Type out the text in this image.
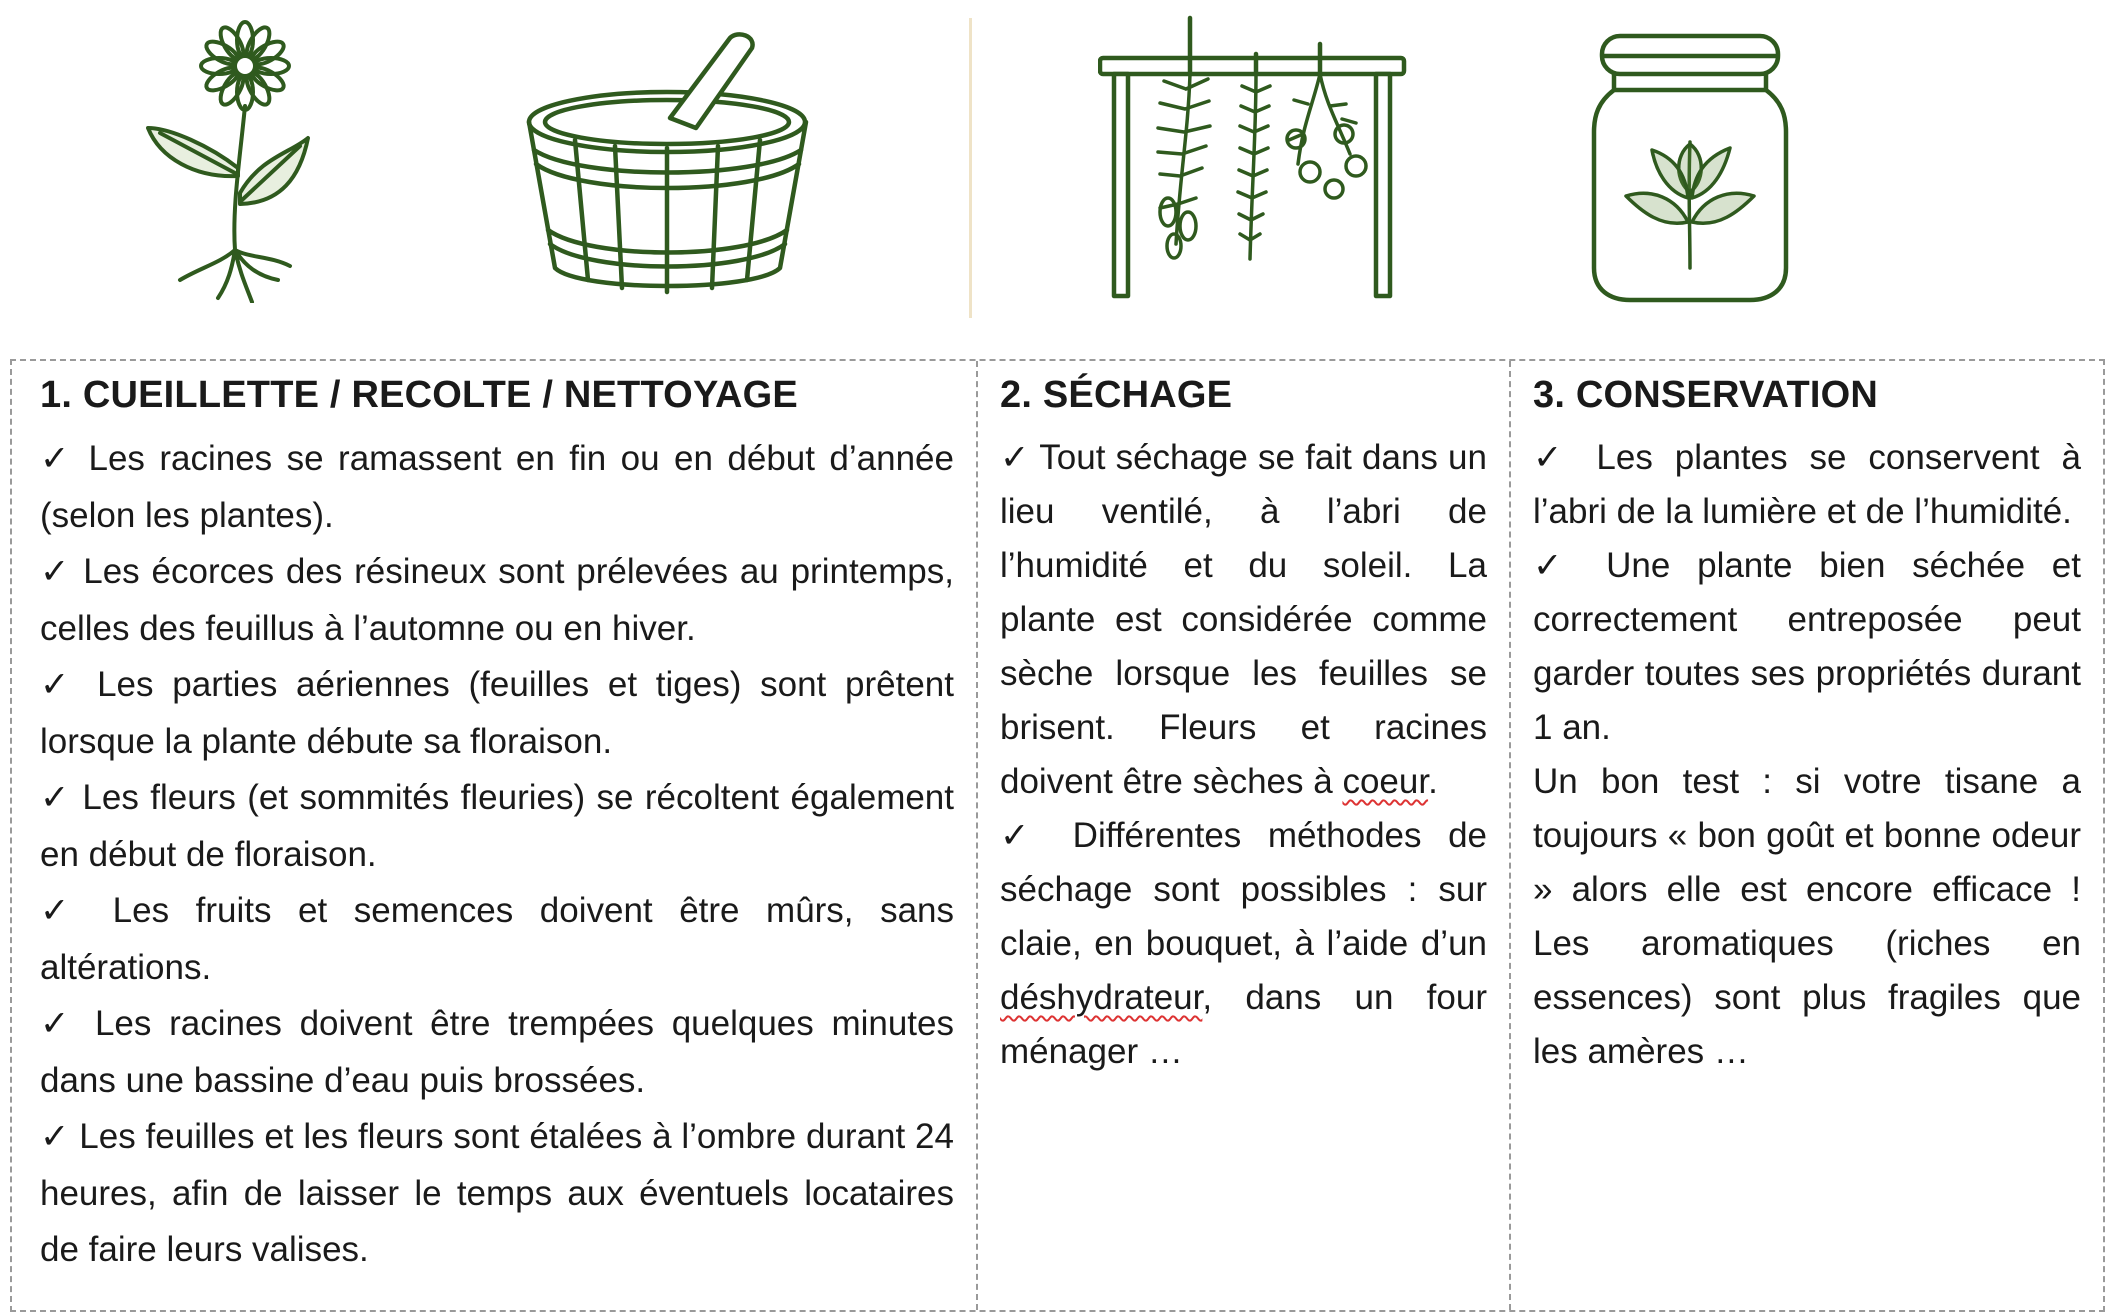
1. CUEILLETTE / RECOLTE / NETTOYAGE

✓ Les racines se ramassent en fin ou en début d’année (selon les plantes).

✓ Les écorces des résineux sont prélevées au printemps, celles des feuillus à l’automne ou en hiver.

✓ Les parties aériennes (feuilles et tiges) sont prêtent lorsque la plante débute sa floraison.

✓ Les fleurs (et sommités fleuries) se récoltent également en début de floraison.

✓ Les fruits et semences doivent être mûrs, sans altérations.

✓ Les racines doivent être trempées quelques minutes dans une bassine d’eau puis brossées.

✓ Les feuilles et les fleurs sont étalées à l’ombre durant 24 heures, afin de laisser le temps aux éventuels locataires de faire leurs valises.

2. SÉCHAGE

✓ Tout séchage se fait dans un lieu ventilé, à l’abri de l’humidité et du soleil. La plante est considérée comme sèche lorsque les feuilles se brisent. Fleurs et racines doivent être sèches à coeur.

✓ Différentes méthodes de séchage sont possibles : sur claie, en bouquet, à l’aide d’un déshydrateur, dans un four ménager …

3. CONSERVATION

✓ Les plantes se conservent à l’abri de la lumière et de l’humidité.

✓ Une plante bien séchée et correctement entreposée peut garder toutes ses propriétés durant 1 an.

Un bon test : si votre tisane a toujours « bon goût et bonne odeur » alors elle est encore efficace ! Les aromatiques (riches en essences) sont plus fragiles que les amères …
